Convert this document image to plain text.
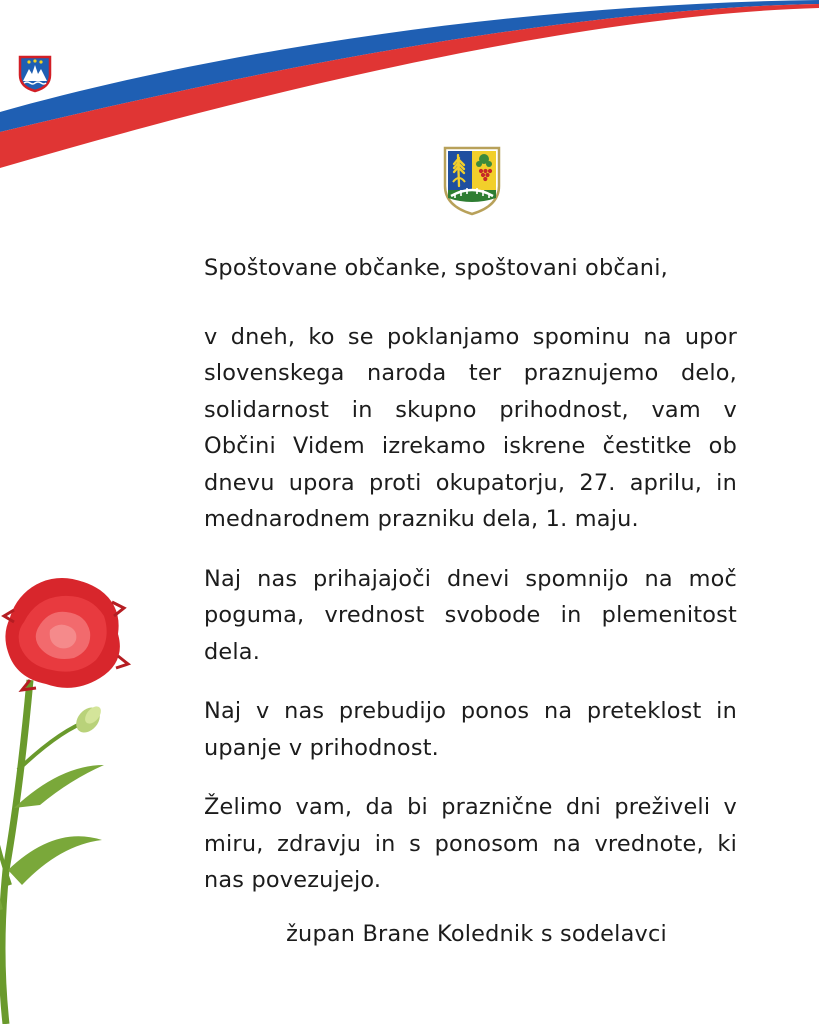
Spoštovane občanke, spoštovani občani,

v dneh, ko se poklanjamo spominu na upor slovenskega naroda ter praznujemo delo, solidarnost in skupno prihodnost, vam v Občini Videm izrekamo iskrene čestitke ob dnevu upora proti okupatorju, 27. aprilu, in mednarodnem prazniku dela, 1. maju.

Naj nas prihajajoči dnevi spomnijo na moč poguma, vrednost svobode in plemenitost dela.

Naj v nas prebudijo ponos na preteklost in upanje v prihodnost.

Želimo vam, da bi praznične dni preživeli v miru, zdravju in s ponosom na vrednote, ki nas povezujejo.

župan Brane Kolednik s sodelavci
